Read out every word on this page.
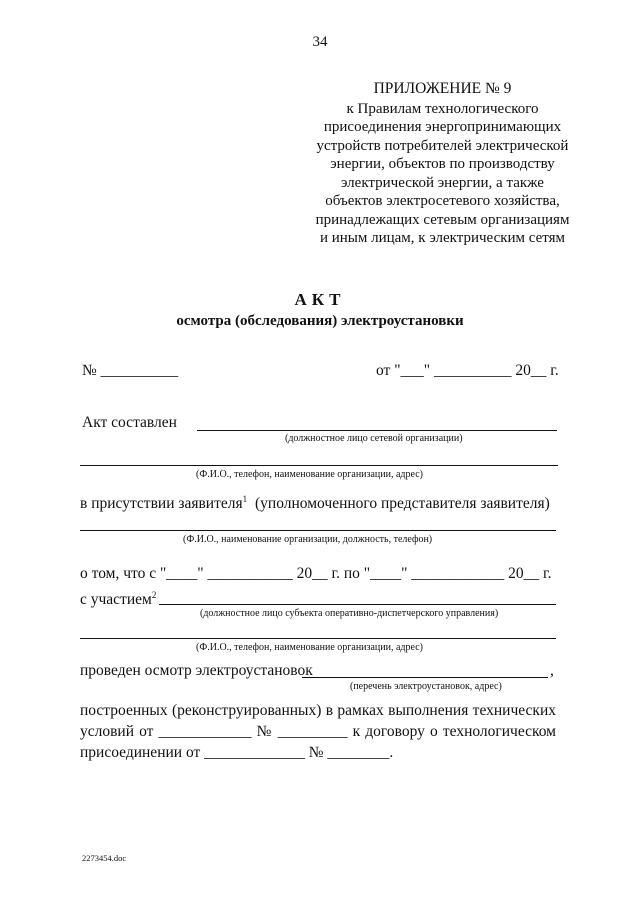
34
ПРИЛОЖЕНИЕ № 9
к Правилам технологического
присоединения энергопринимающих
устройств потребителей электрической
энергии, объектов по производству
электрической энергии, а также
объектов электросетевого хозяйства,
принадлежащих сетевым организациям
и иным лицам, к электрическим сетям
АКТ
осмотра (обследования) электроустановки
№ __________	от "___" __________ 20__ г.
Акт составлен
(должностное лицо сетевой организации)
(Ф.И.О., телефон, наименование организации, адрес)
в присутствии заявителя$^1$ (уполномоченного представителя заявителя)
(Ф.И.О., наименование организации, должность, телефон)
о том, что с "____" ___________ 20__ г. по "____" ____________ 20__ г.
с участием$^2$
(должностное лицо субъекта оперативно-диспетчерского управления)
(Ф.И.О., телефон, наименование организации, адрес)
проведен осмотр электроустановок	,
(перечень электроустановок, адрес)
построенных (реконструированных) в рамках выполнения технических условий от ____________ № _________ к договору о технологическом присоединении от _____________ № ________.
2273454.doc
